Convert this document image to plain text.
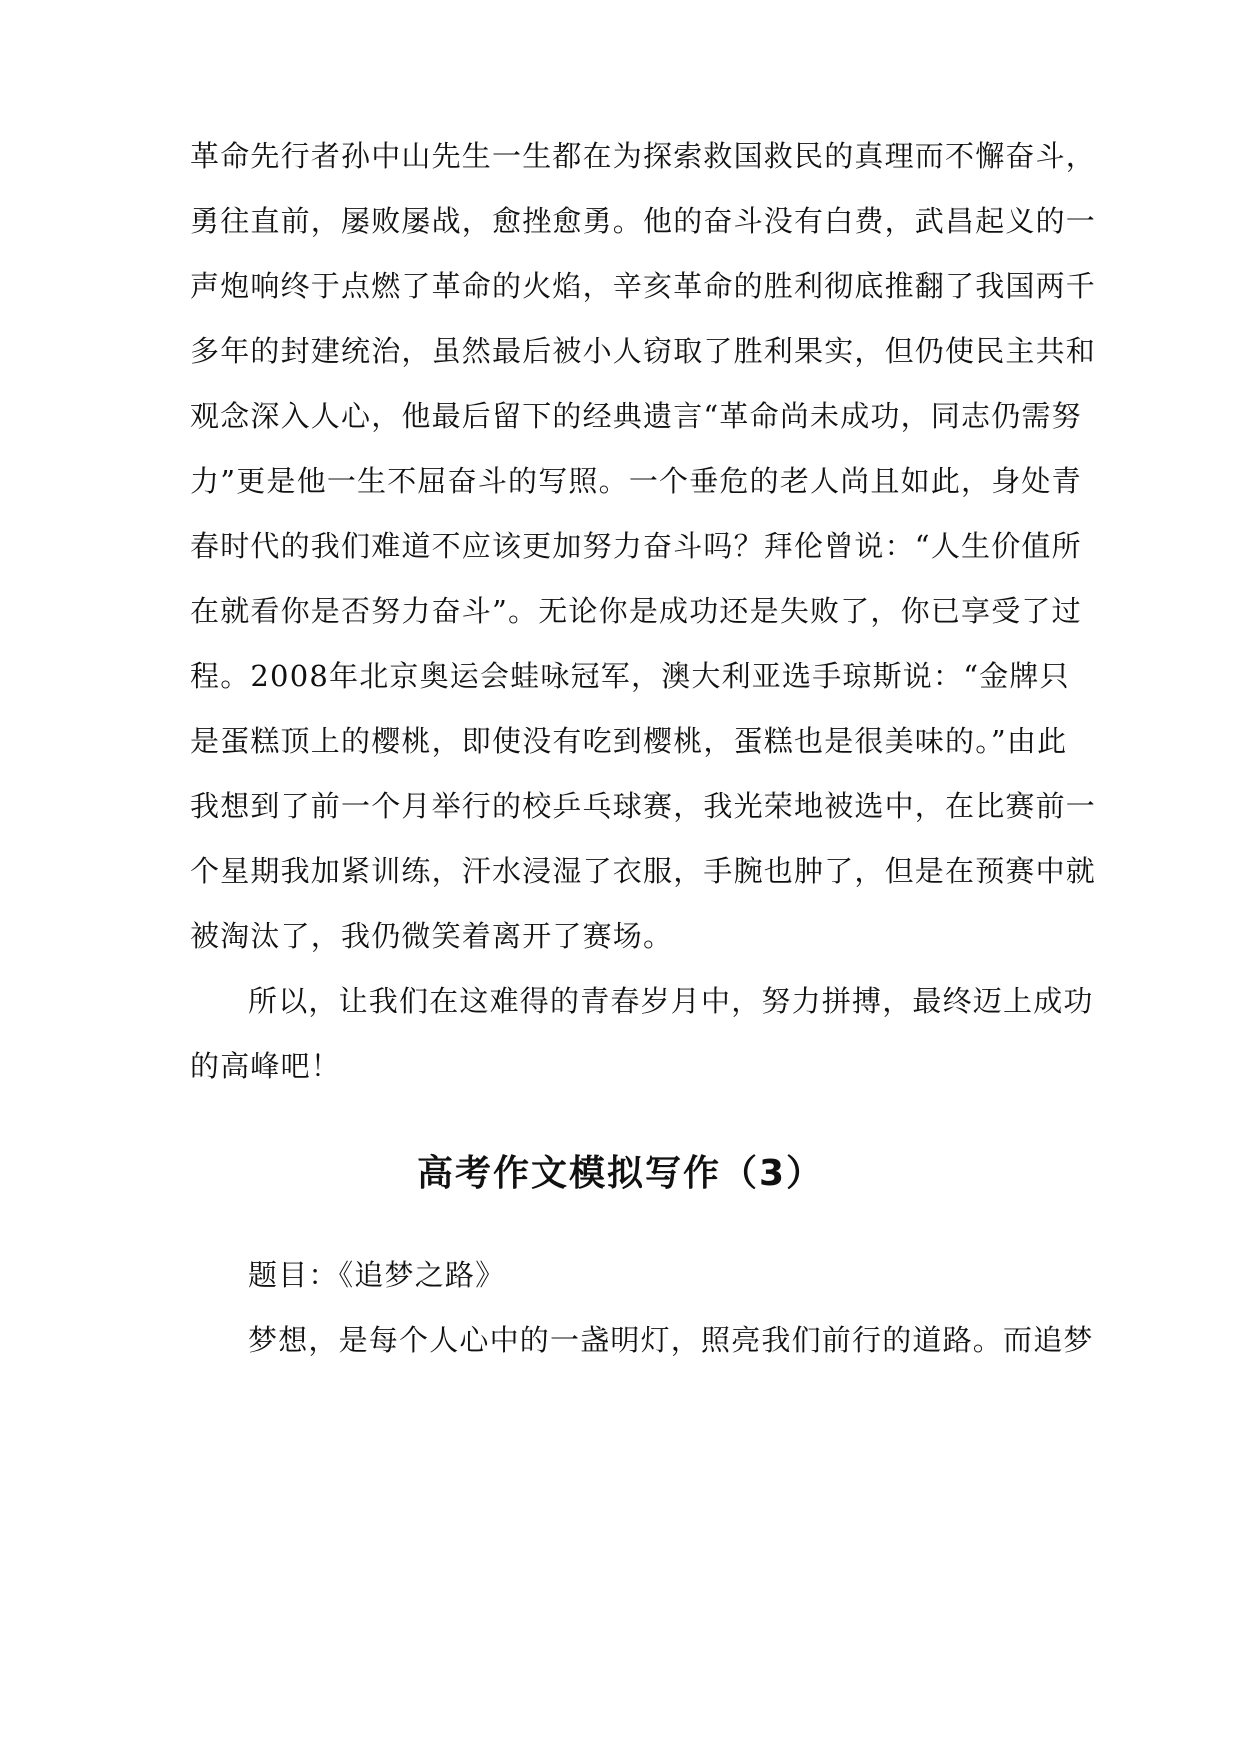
革命先行者孙中山先生一生都在为探索救国救民的真理而不懈奋斗，
勇往直前，屡败屡战，愈挫愈勇。他的奋斗没有白费，武昌起义的一
声炮响终于点燃了革命的火焰，辛亥革命的胜利彻底推翻了我国两千
多年的封建统治，虽然最后被小人窃取了胜利果实，但仍使民主共和
观念深入人心，他最后留下的经典遗言“革命尚未成功，同志仍需努
力”更是他一生不屈奋斗的写照。一个垂危的老人尚且如此，身处青
春时代的我们难道不应该更加努力奋斗吗？拜伦曾说：“人生价值所
在就看你是否努力奋斗”。无论你是成功还是失败了，你已享受了过
程。2008年北京奥运会蛙咏冠军，澳大利亚选手琼斯说：“金牌只
是蛋糕顶上的樱桃，即使没有吃到樱桃，蛋糕也是很美味的。”由此
我想到了前一个月举行的校乒乓球赛，我光荣地被选中，在比赛前一
个星期我加紧训练，汗水浸湿了衣服，手腕也肿了，但是在预赛中就
被淘汰了，我仍微笑着离开了赛场。
所以，让我们在这难得的青春岁月中，努力拼搏，最终迈上成功
的高峰吧！
高考作文模拟写作（3）
题目：《追梦之路》
梦想，是每个人心中的一盏明灯，照亮我们前行的道路。而追梦
